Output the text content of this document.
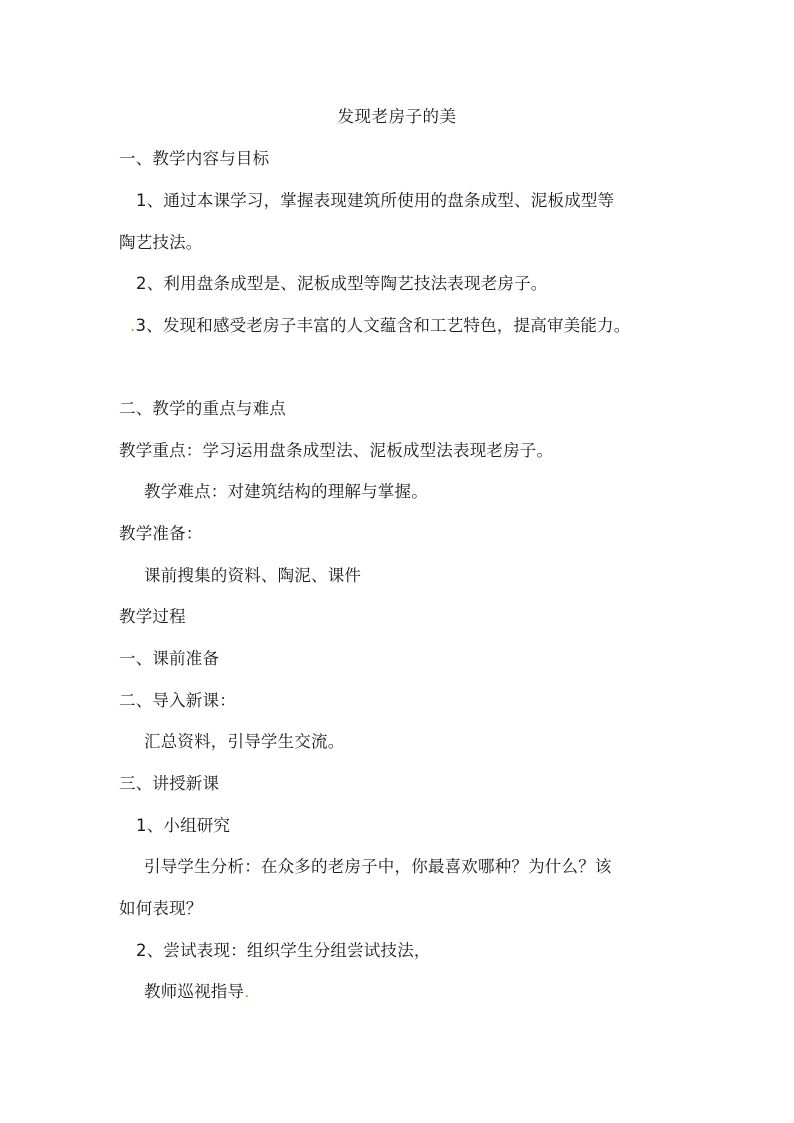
发现老房子的美
一、教学内容与目标
1、通过本课学习，掌握表现建筑所使用的盘条成型、泥板成型等
陶艺技法。
2、利用盘条成型是、泥板成型等陶艺技法表现老房子。
.3、发现和感受老房子丰富的人文蕴含和工艺特色，提高审美能力。
二、教学的重点与难点
教学重点：学习运用盘条成型法、泥板成型法表现老房子。
教学难点：对建筑结构的理解与掌握。
教学准备：
课前搜集的资料、陶泥、课件
教学过程
一、课前准备
二、导入新课：
汇总资料，引导学生交流。
三、讲授新课
1、小组研究
引导学生分析：在众多的老房子中，你最喜欢哪种？为什么？该
如何表现？
2、尝试表现：组织学生分组尝试技法，
教师巡视指导.
